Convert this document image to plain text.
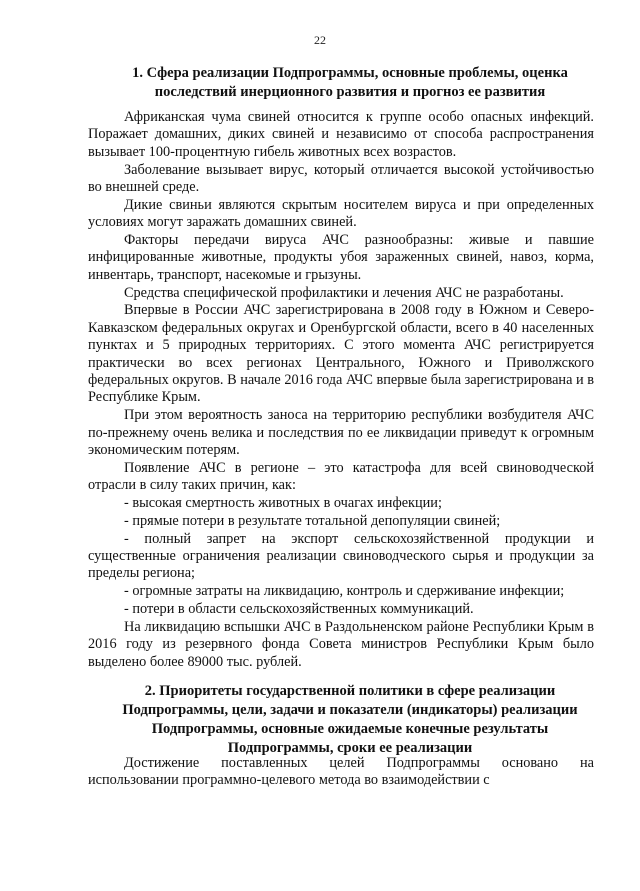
22
1. Сфера реализации Подпрограммы, основные проблемы, оценка последствий инерционного развития и прогноз ее развития

Африканская чума свиней относится к группе особо опасных инфекций. Поражает домашних, диких свиней и независимо от способа распространения вызывает 100-процентную гибель животных всех возрастов.

Заболевание вызывает вирус, который отличается высокой устойчивостью во внешней среде.

Дикие свиньи являются скрытым носителем вируса и при определенных условиях могут заражать домашних свиней.

Факторы передачи вируса АЧС разнообразны: живые и павшие инфицированные животные, продукты убоя зараженных свиней, навоз, корма, инвентарь, транспорт, насекомые и грызуны.

Средства специфической профилактики и лечения АЧС не разработаны.

Впервые в России АЧС зарегистрирована в 2008 году в Южном и Северо-Кавказском федеральных округах и Оренбургской области, всего в 40 населенных пунктах и 5 природных территориях. С этого момента АЧС регистрируется практически во всех регионах Центрального, Южного и Приволжского федеральных округов. В начале 2016 года АЧС впервые была зарегистрирована и в Республике Крым.

При этом вероятность заноса на территорию республики возбудителя АЧС по-прежнему очень велика и последствия по ее ликвидации приведут к огромным экономическим потерям.

Появление АЧС в регионе – это катастрофа для всей свиноводческой отрасли в силу таких причин, как:

- высокая смертность животных в очагах инфекции;

- прямые потери в результате тотальной депопуляции свиней;

- полный запрет на экспорт сельскохозяйственной продукции и существенные ограничения реализации свиноводческого сырья и продукции за пределы региона;

- огромные затраты на ликвидацию, контроль и сдерживание инфекции;

- потери в области сельскохозяйственных коммуникаций.

На ликвидацию вспышки АЧС в Раздольненском районе Республики Крым в 2016 году из резервного фонда Совета министров Республики Крым было выделено более 89000 тыс. рублей.

2. Приоритеты государственной политики в сфере реализации Подпрограммы, цели, задачи и показатели (индикаторы) реализации Подпрограммы, основные ожидаемые конечные результаты Подпрограммы, сроки ее реализации

Достижение поставленных целей Подпрограммы основано на использовании программно-целевого метода во взаимодействии с
